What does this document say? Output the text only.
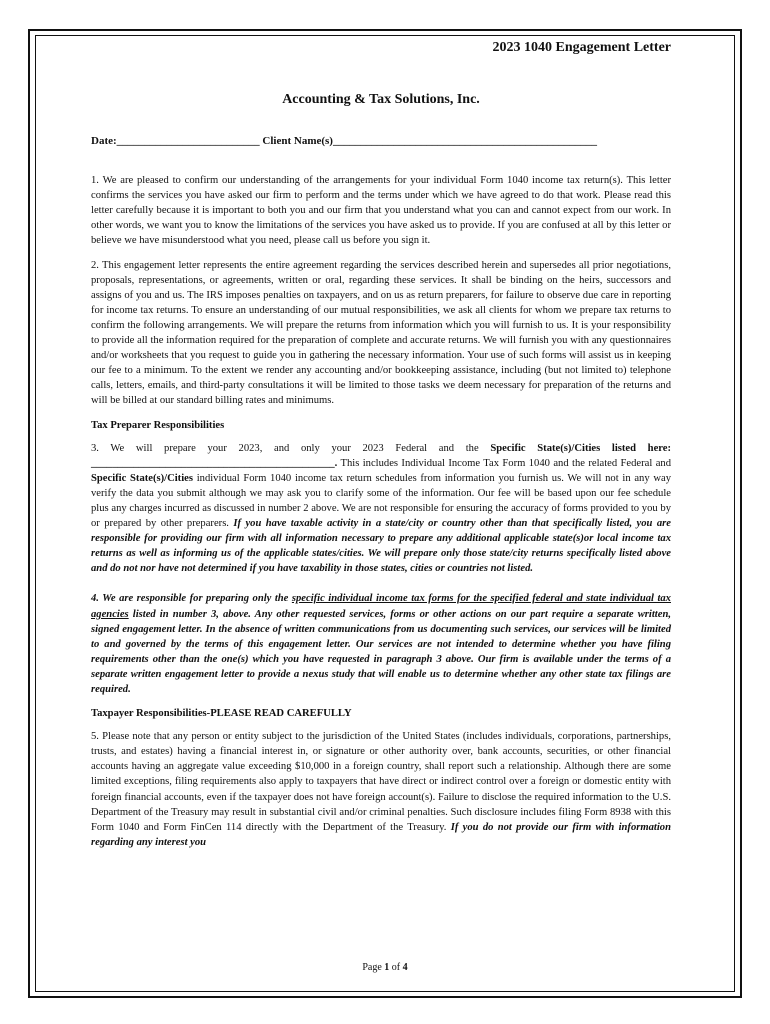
2023 1040 Engagement Letter
Accounting & Tax Solutions, Inc.
Date:__________________________ Client Name(s)________________________________________________

1. We are pleased to confirm our understanding of the arrangements for your individual Form 1040 income tax return(s). This letter confirms the services you have asked our firm to perform and the terms under which we have agreed to do that work. Please read this letter carefully because it is important to both you and our firm that you understand what you can and cannot expect from our work. In other words, we want you to know the limitations of the services you have asked us to provide. If you are confused at all by this letter or believe we have misunderstood what you need, please call us before you sign it.

2. This engagement letter represents the entire agreement regarding the services described herein and supersedes all prior negotiations, proposals, representations, or agreements, written or oral, regarding these services. It shall be binding on the heirs, successors and assigns of you and us. The IRS imposes penalties on taxpayers, and on us as return preparers, for failure to observe due care in reporting for income tax returns. To ensure an understanding of our mutual responsibilities, we ask all clients for whom we prepare tax returns to confirm the following arrangements. We will prepare the returns from information which you will furnish to us. It is your responsibility to provide all the information required for the preparation of complete and accurate returns. We will furnish you with any questionnaires and/or worksheets that you request to guide you in gathering the necessary information. Your use of such forms will assist us in keeping our fee to a minimum. To the extent we render any accounting and/or bookkeeping assistance, including (but not limited to) telephone calls, letters, emails, and third-party consultations it will be limited to those tasks we deem necessary for preparation of the returns and will be billed at our standard billing rates and minimums.

Tax Preparer Responsibilities

3. We will prepare your 2023, and only your 2023 Federal and the Specific State(s)/Cities listed here: ______________________________________________. This includes Individual Income Tax Form 1040 and the related Federal and Specific State(s)/Cities individual Form 1040 income tax return schedules from information you furnish us. We will not in any way verify the data you submit although we may ask you to clarify some of the information. Our fee will be based upon our fee schedule plus any charges incurred as discussed in number 2 above. We are not responsible for ensuring the accuracy of forms provided to you by or prepared by other preparers. If you have taxable activity in a state/city or country other than that specifically listed, you are responsible for providing our firm with all information necessary to prepare any additional applicable state(s)or local income tax returns as well as informing us of the applicable states/cities. We will prepare only those state/city returns specifically listed above and do not nor have not determined if you have taxability in those states, cities or countries not listed.

4. We are responsible for preparing only the specific individual income tax forms for the specified federal and state individual tax agencies listed in number 3, above. Any other requested services, forms or other actions on our part require a separate written, signed engagement letter. In the absence of written communications from us documenting such services, our services will be limited to and governed by the terms of this engagement letter. Our services are not intended to determine whether you have filing requirements other than the one(s) which you have requested in paragraph 3 above. Our firm is available under the terms of a separate written engagement letter to provide a nexus study that will enable us to determine whether any other state tax filings are required.

Taxpayer Responsibilities-PLEASE READ CAREFULLY

5. Please note that any person or entity subject to the jurisdiction of the United States (includes individuals, corporations, partnerships, trusts, and estates) having a financial interest in, or signature or other authority over, bank accounts, securities, or other financial accounts having an aggregate value exceeding $10,000 in a foreign country, shall report such a relationship. Although there are some limited exceptions, filing requirements also apply to taxpayers that have direct or indirect control over a foreign or domestic entity with foreign financial accounts, even if the taxpayer does not have foreign account(s). Failure to disclose the required information to the U.S. Department of the Treasury may result in substantial civil and/or criminal penalties. Such disclosure includes filing Form 8938 with this Form 1040 and Form FinCen 114 directly with the Department of the Treasury. If you do not provide our firm with information regarding any interest you

Page 1 of 4
